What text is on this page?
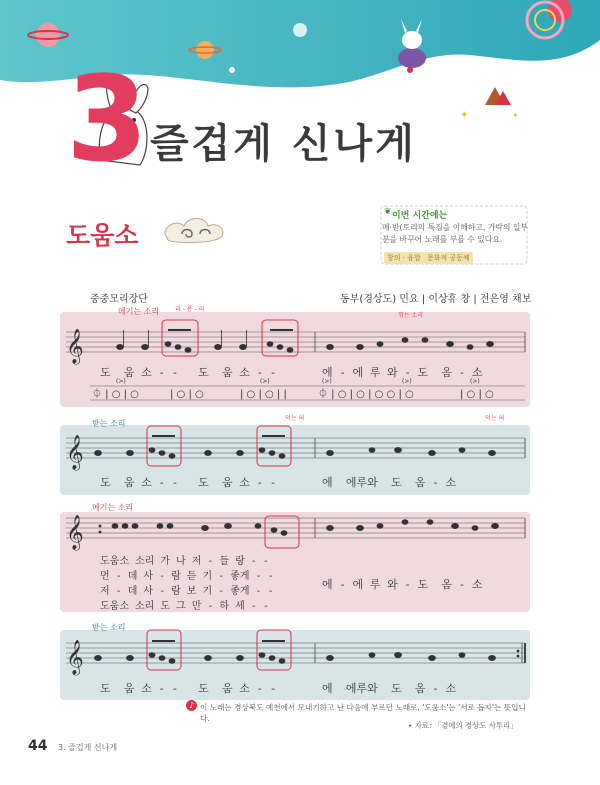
✦	✦
3 즐겁게 신나게
도움소
❦ 이번 시간에는
메·받(토리의 특징을 이해하고, 가락의 일부분을 바꾸어 노래를 부를 수 있다요.
창의 · 융합 문화적 공동체
중중모리장단	동부(경상도) 민요 | 이상휴 창 | 전은영 채보
𝄞
𝄞
𝄞
𝄞
⏀ | ○ | ○	| ○ | ○	| ○ | ○ | |	⏀ | ○ | ○ | ○ ○ | ○	| ○ | ○
메기는 소리
받는 소리
메기는 소리
받는 소리
리 - 롱 - 리
꺾는 소리
덕는 혀	덕는 혀
(>)	(>)	(>)	(>)	(>)
도  움 소 - -   도  움 소 - -	에 - 에 루 와 - 도  옴 - 소
도  움 소 - -   도  움 소 - -	에  에루와  도  옴 - 소
도움소 소리 가 나 저 - 들 랑 - -
먼 - 데 사 - 람 듣 기 - 좋게 - -
저 - 데 사 - 람 보 기 - 좋게 - -
도움소 소리 도 그 만 - 하 세 - -
에 - 에 루 와 - 도  옴 - 소
도  움 소 - -   도  움 소 - -	에  에루와  도  옴 - 소
♪ 이 노래는 경상북도 예천에서 모내기하고 난 다음에 부르던 노래로, '도움소'는 '서로 돕자'는 뜻입니다.
• 자료: 「곁에의 경상도 사투리」
44 3. 즐겁게 신나게
